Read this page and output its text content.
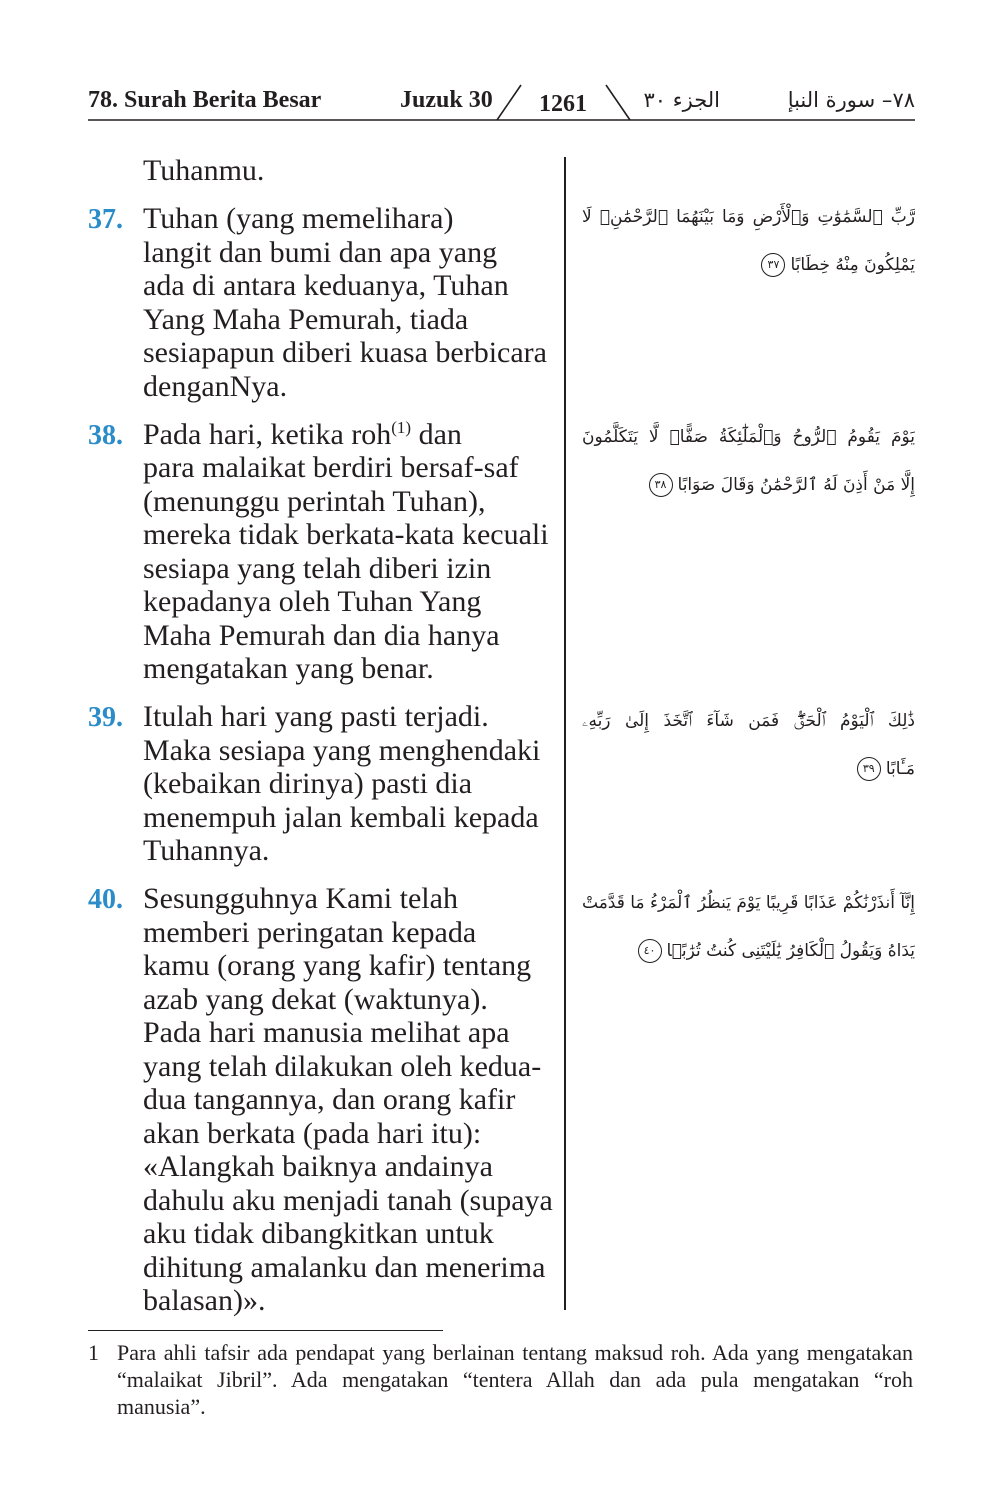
78. Surah Berita Besar	Juzuk 30 1261	الجزء ٣٠	٧٨– سورة النبإ
Tuhanmu.
37. Tuhan (yang memelihara)
langit dan bumi dan apa yang
ada di antara keduanya, Tuhan
Yang Maha Pemurah, tiada
sesiapapun diberi kuasa berbicara
denganNya.
38. Pada hari, ketika roh$^{(1)}$ dan
para malaikat berdiri bersaf-saf
(menunggu perintah Tuhan),
mereka tidak berkata-kata kecuali
sesiapa yang telah diberi izin
kepadanya oleh Tuhan Yang
Maha Pemurah dan dia hanya
mengatakan yang benar.
39. Itulah hari yang pasti terjadi.
Maka sesiapa yang menghendaki
(kebaikan dirinya) pasti dia
menempuh jalan kembali kepada
Tuhannya.
40. Sesungguhnya Kami telah
memberi peringatan kepada
kamu (orang yang kafir) tentang
azab yang dekat (waktunya).
Pada hari manusia melihat apa
yang telah dilakukan oleh kedua-
dua tangannya, dan orang kafir
akan berkata (pada hari itu):
«Alangkah baiknya andainya
dahulu aku menjadi tanah (supaya
aku tidak dibangkitkan untuk
dihitung amalanku dan menerima
balasan)».
رَّبِّ ٱلسَّمَٰوَٰتِ وَٱلْأَرْضِ وَمَا بَيْنَهُمَا ٱلرَّحْمَٰنِۖ لَا
يَمْلِكُونَ مِنْهُ خِطَابًا٣٧
يَوْمَ يَقُومُ ٱلرُّوحُ وَٱلْمَلَٰٓئِكَةُ صَفًّاۖ لَّا يَتَكَلَّمُونَ
إِلَّا مَنْ أَذِنَ لَهُ ٱلرَّحْمَٰنُ وَقَالَ صَوَابًا٣٨
ذَٰلِكَ ٱلْيَوْمُ ٱلْحَقُّۖ فَمَن شَآءَ ٱتَّخَذَ إِلَىٰ رَبِّهِۦ
مَـَٔابًا٣٩
إِنَّآ أَنذَرْنَٰكُمْ عَذَابًا قَرِيبًا يَوْمَ يَنظُرُ ٱلْمَرْءُ مَا قَدَّمَتْ
يَدَاهُ وَيَقُولُ ٱلْكَافِرُ يَٰلَيْتَنِى كُنتُ تُرَٰبًۢا٤٠
1 Para ahli tafsir ada pendapat yang berlainan tentang maksud roh. Ada yang mengatakan
“malaikat Jibril”. Ada mengatakan “tentera Allah dan ada pula mengatakan “roh
manusia”.
